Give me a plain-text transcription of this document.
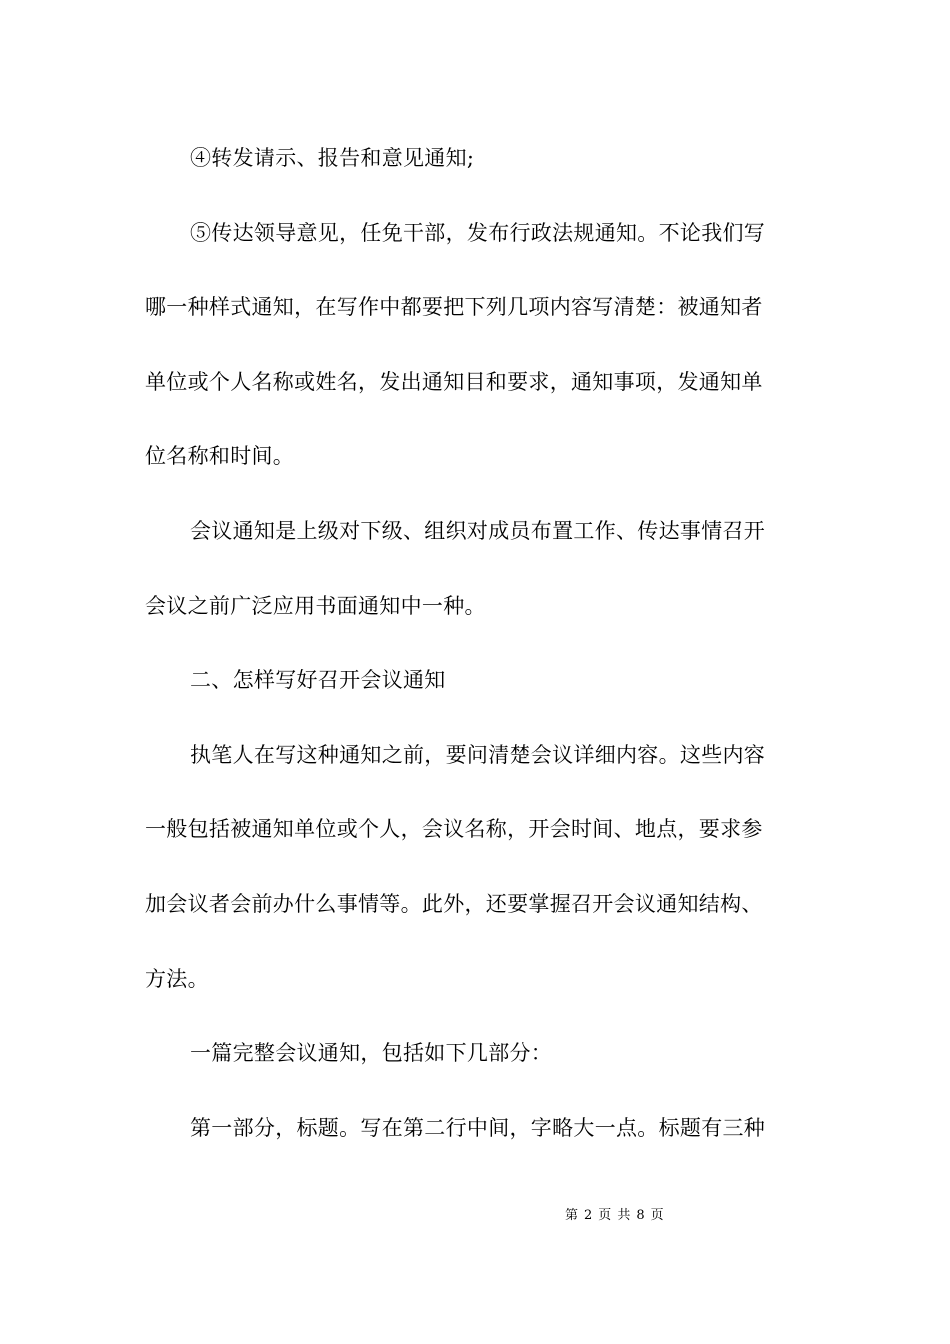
④转发请示、报告和意见通知;
⑤传达领导意见，任免干部，发布行政法规通知。不论我们写
哪一种样式通知，在写作中都要把下列几项内容写清楚：被通知者
单位或个人名称或姓名，发出通知目和要求，通知事项，发通知单
位名称和时间。
会议通知是上级对下级、组织对成员布置工作、传达事情召开
会议之前广泛应用书面通知中一种。
二、怎样写好召开会议通知
执笔人在写这种通知之前，要问清楚会议详细内容。这些内容
一般包括被通知单位或个人，会议名称，开会时间、地点，要求参
加会议者会前办什么事情等。此外，还要掌握召开会议通知结构、
方法。
一篇完整会议通知，包括如下几部分：
第一部分，标题。写在第二行中间，字略大一点。标题有三种
第 2 页 共 8 页
